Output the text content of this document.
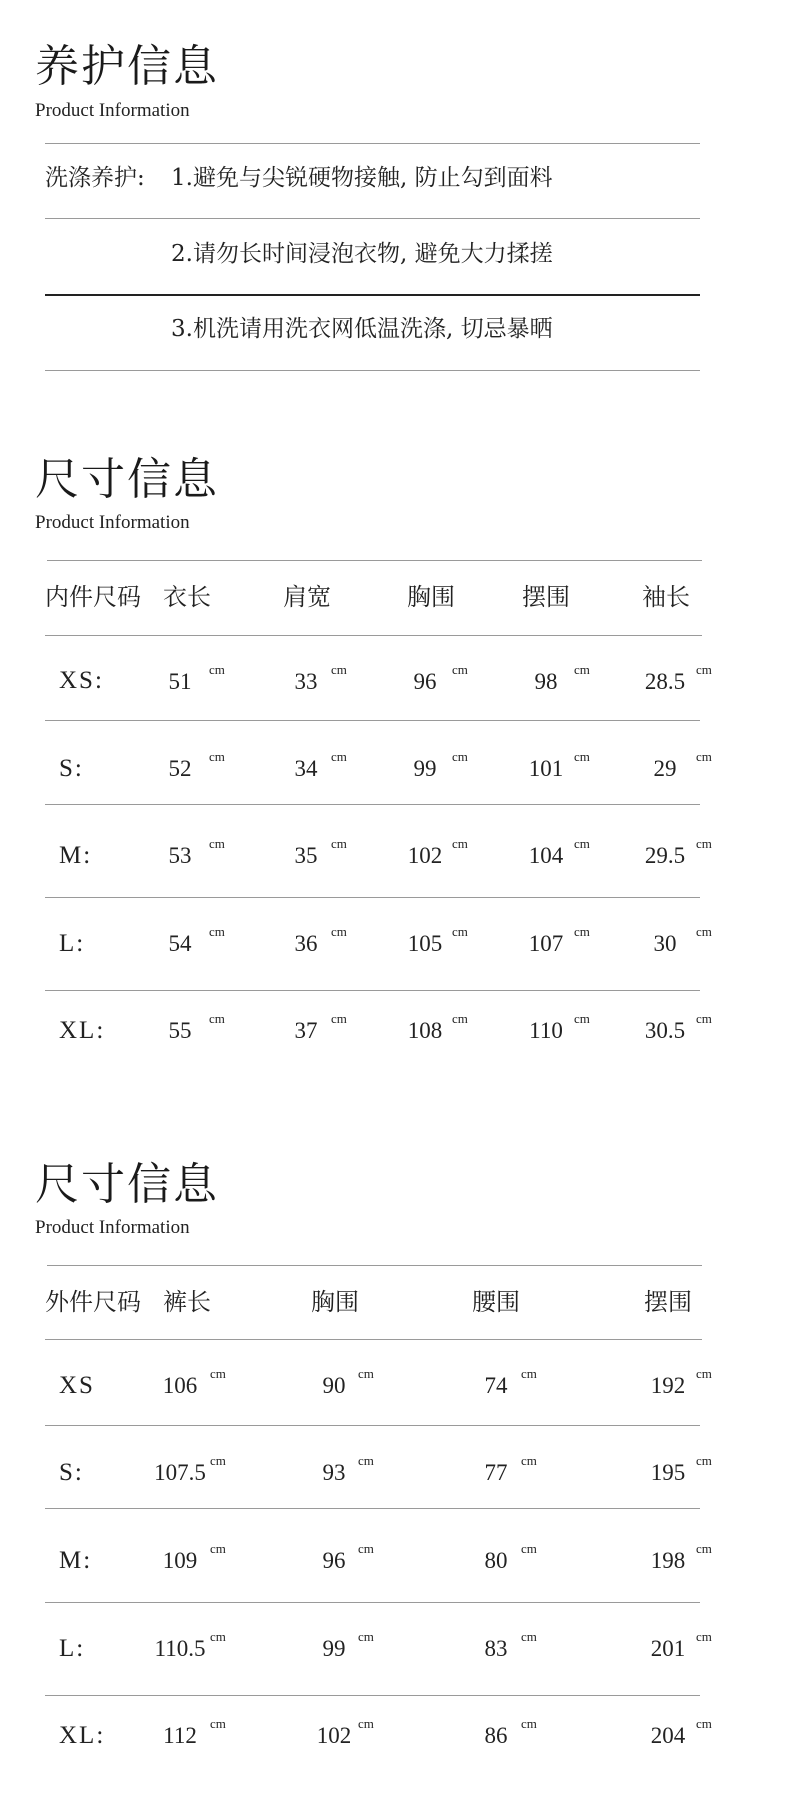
养护信息
Product Information
洗涤养护: 1.避免与尖锐硬物接触, 防止勾到面料
2.请勿长时间浸泡衣物, 避免大力揉搓
3.机洗请用洗衣网低温洗涤, 切忌暴晒
尺寸信息
Product Information
内件尺码 衣长	肩宽	胸围	摆围	袖长
XS:	51 cm	33 cm	96 cm	98 cm 28.5 cm
S:	52 cm	34 cm	99 cm	101 cm	29 cm
M:	53 cm	35 cm	102 cm	104 cm 29.5 cm
L:	54 cm	36 cm	105 cm	107 cm	30 cm
XL:	55 cm	37 cm	108 cm	110 cm 30.5 cm
尺寸信息
Product Information
外件尺码 裤长	胸围	腰围	摆围
XS	106 cm	90 cm	74 cm	192 cm
S:	107.5 cm	93 cm	77 cm	195 cm
M:	109 cm	96 cm	80 cm	198 cm
L:	110.5 cm	99 cm	83 cm	201 cm
XL:	112 cm	102 cm	86 cm	204 cm
